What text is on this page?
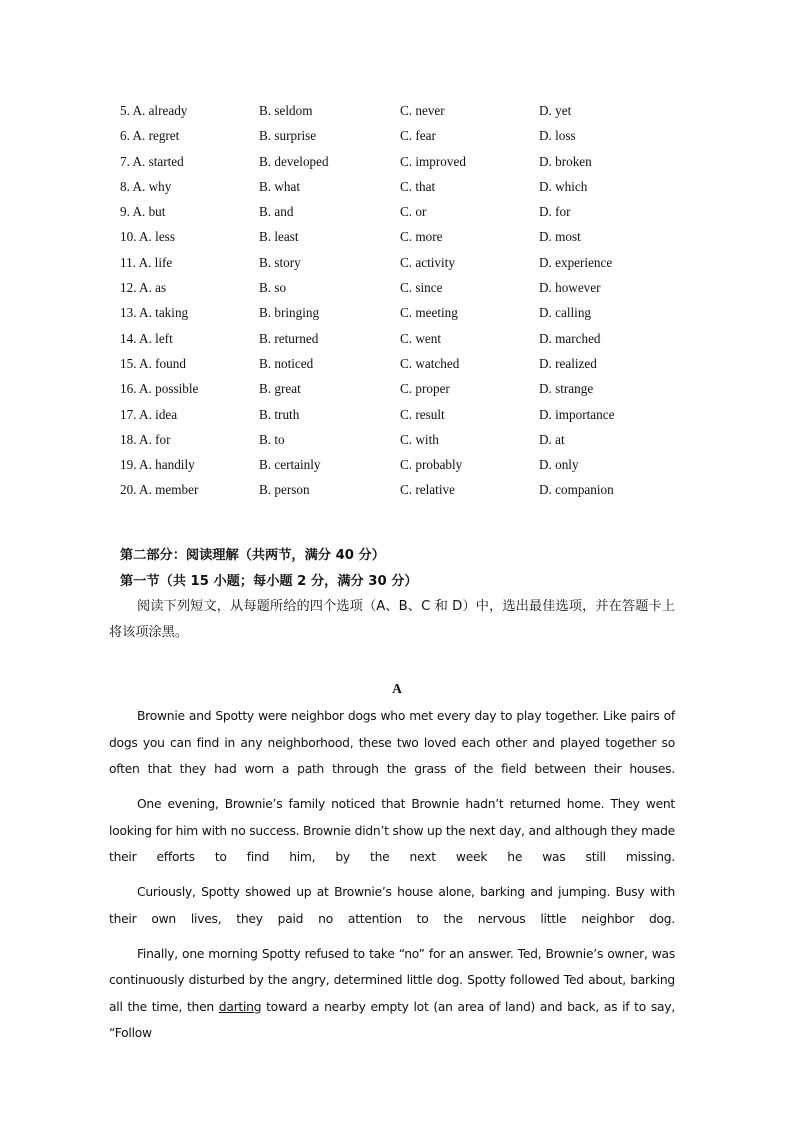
5. A. already	B. seldom	C. never	D. yet
6. A. regret	B. surprise	C. fear	D. loss
7. A. started	B. developed	C. improved	D. broken
8. A. why	B. what	C. that	D. which
9. A. but	B. and	C. or	D. for
10. A. less	B. least	C. more	D. most
11. A. life	B. story	C. activity	D. experience
12. A. as	B. so	C. since	D. however
13. A. taking	B. bringing	C. meeting	D. calling
14. A. left	B. returned	C. went	D. marched
15. A. found	B. noticed	C. watched	D. realized
16. A. possible	B. great	C. proper	D. strange
17. A. idea	B. truth	C. result	D. importance
18. A. for	B. to	C. with	D. at
19. A. handily	B. certainly	C. probably	D. only
20. A. member	B. person	C. relative	D. companion
第二部分：阅读理解（共两节，满分 40 分）
第一节（共 15 小题；每小题 2 分，满分 30 分）

阅读下列短文，从每题所给的四个选项（A、B、C 和 D）中，选出最佳选项，并在答题卡上将该项涂黑。

A

Brownie and Spotty were neighbor dogs who met every day to play together. Like pairs of dogs you can find in any neighborhood, these two loved each other and played together so often that they had worn a path through the grass of the field between their houses.

One evening, Brownie’s family noticed that Brownie hadn’t returned home. They went looking for him with no success. Brownie didn’t show up the next day, and although they made their efforts to find him, by the next week he was still missing.

Curiously, Spotty showed up at Brownie’s house alone, barking and jumping. Busy with their own lives, they paid no attention to the nervous little neighbor dog.

Finally, one morning Spotty refused to take “no” for an answer. Ted, Brownie’s owner, was continuously disturbed by the angry, determined little dog. Spotty followed Ted about, barking all the time, then darting toward a nearby empty lot (an area of land) and back, as if to say, “Follow
